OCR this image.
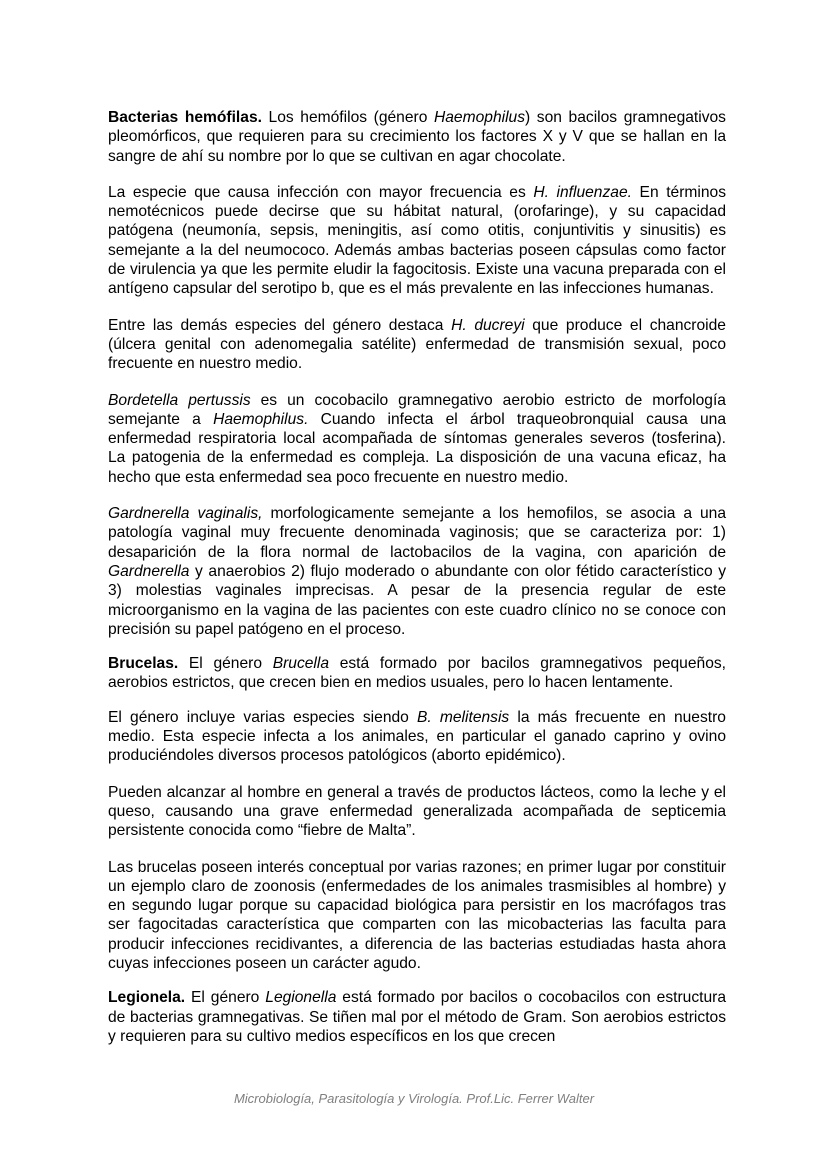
Bacterias hemófilas. Los hemófilos (género Haemophilus) son bacilos gramnegativos pleomórficos, que requieren para su crecimiento los factores X y V que se hallan en la sangre de ahí su nombre por lo que se cultivan en agar chocolate.

La especie que causa infección con mayor frecuencia es H. influenzae. En términos nemotécnicos puede decirse que su hábitat natural, (orofaringe), y su capacidad patógena (neumonía, sepsis, meningitis, así como otitis, conjuntivitis y sinusitis) es semejante a la del neumococo. Además ambas bacterias poseen cápsulas como factor de virulencia ya que les permite eludir la fagocitosis. Existe una vacuna preparada con el antígeno capsular del serotipo b, que es el más prevalente en las infecciones humanas.

Entre las demás especies del género destaca H. ducreyi que produce el chancroide (úlcera genital con adenomegalia satélite) enfermedad de transmisión sexual, poco frecuente en nuestro medio.

Bordetella pertussis es un cocobacilo gramnegativo aerobio estricto de morfología semejante a Haemophilus. Cuando infecta el árbol traqueobronquial causa una enfermedad respiratoria local acompañada de síntomas generales severos (tosferina). La patogenia de la enfermedad es compleja. La disposición de una vacuna eficaz, ha hecho que esta enfermedad sea poco frecuente en nuestro medio.

Gardnerella vaginalis, morfologicamente semejante a los hemofilos, se asocia a una patología vaginal muy frecuente denominada vaginosis; que se caracteriza por: 1) desaparición de la flora normal de lactobacilos de la vagina, con aparición de Gardnerella y anaerobios 2) flujo moderado o abundante con olor fétido característico y 3) molestias vaginales imprecisas. A pesar de la presencia regular de este microorganismo en la vagina de las pacientes con este cuadro clínico no se conoce con precisión su papel patógeno en el proceso.

Brucelas. El género Brucella está formado por bacilos gramnegativos pequeños, aerobios estrictos, que crecen bien en medios usuales, pero lo hacen lentamente.

El género incluye varias especies siendo B. melitensis la más frecuente en nuestro medio. Esta especie infecta a los animales, en particular el ganado caprino y ovino produciéndoles diversos procesos patológicos (aborto epidémico).

Pueden alcanzar al hombre en general a través de productos lácteos, como la leche y el queso, causando una grave enfermedad generalizada acompañada de septicemia persistente conocida como “fiebre de Malta”.

Las brucelas poseen interés conceptual por varias razones; en primer lugar por constituir un ejemplo claro de zoonosis (enfermedades de los animales trasmisibles al hombre) y en segundo lugar porque su capacidad biológica para persistir en los macrófagos tras ser fagocitadas característica que comparten con las micobacterias las faculta para producir infecciones recidivantes, a diferencia de las bacterias estudiadas hasta ahora cuyas infecciones poseen un carácter agudo.

Legionela. El género Legionella está formado por bacilos o cocobacilos con estructura de bacterias gramnegativas. Se tiñen mal por el método de Gram. Son aerobios estrictos y requieren para su cultivo medios específicos en los que crecen

Microbiología, Parasitología y Virología. Prof.Lic. Ferrer Walter
